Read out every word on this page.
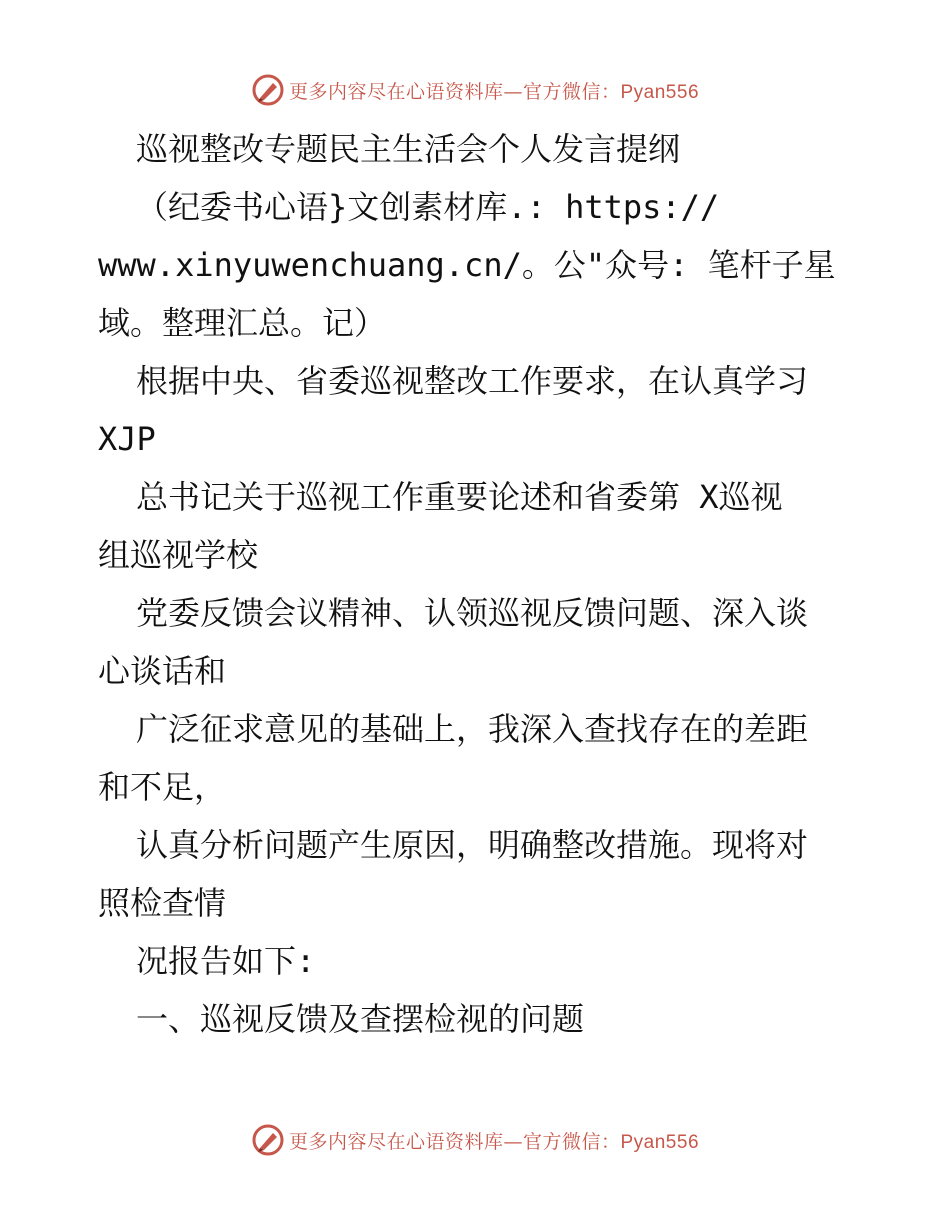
更多内容尽在心语资料库—官方微信：Pyan556
巡视整改专题民主生活会个人发言提纲
（纪委书心语}文创素材库.: https://
www.xinyuwenchuang.cn/。公"众号: 笔杆子星
域。整理汇总。记）
根据中央、省委巡视整改工作要求，在认真学习
XJP
总书记关于巡视工作重要论述和省委第 X巡视
组巡视学校
党委反馈会议精神、认领巡视反馈问题、深入谈
心谈话和
广泛征求意见的基础上，我深入查找存在的差距
和不足，
认真分析问题产生原因，明确整改措施。现将对
照检查情
况报告如下:
一、巡视反馈及查摆检视的问题
更多内容尽在心语资料库—官方微信：Pyan556
